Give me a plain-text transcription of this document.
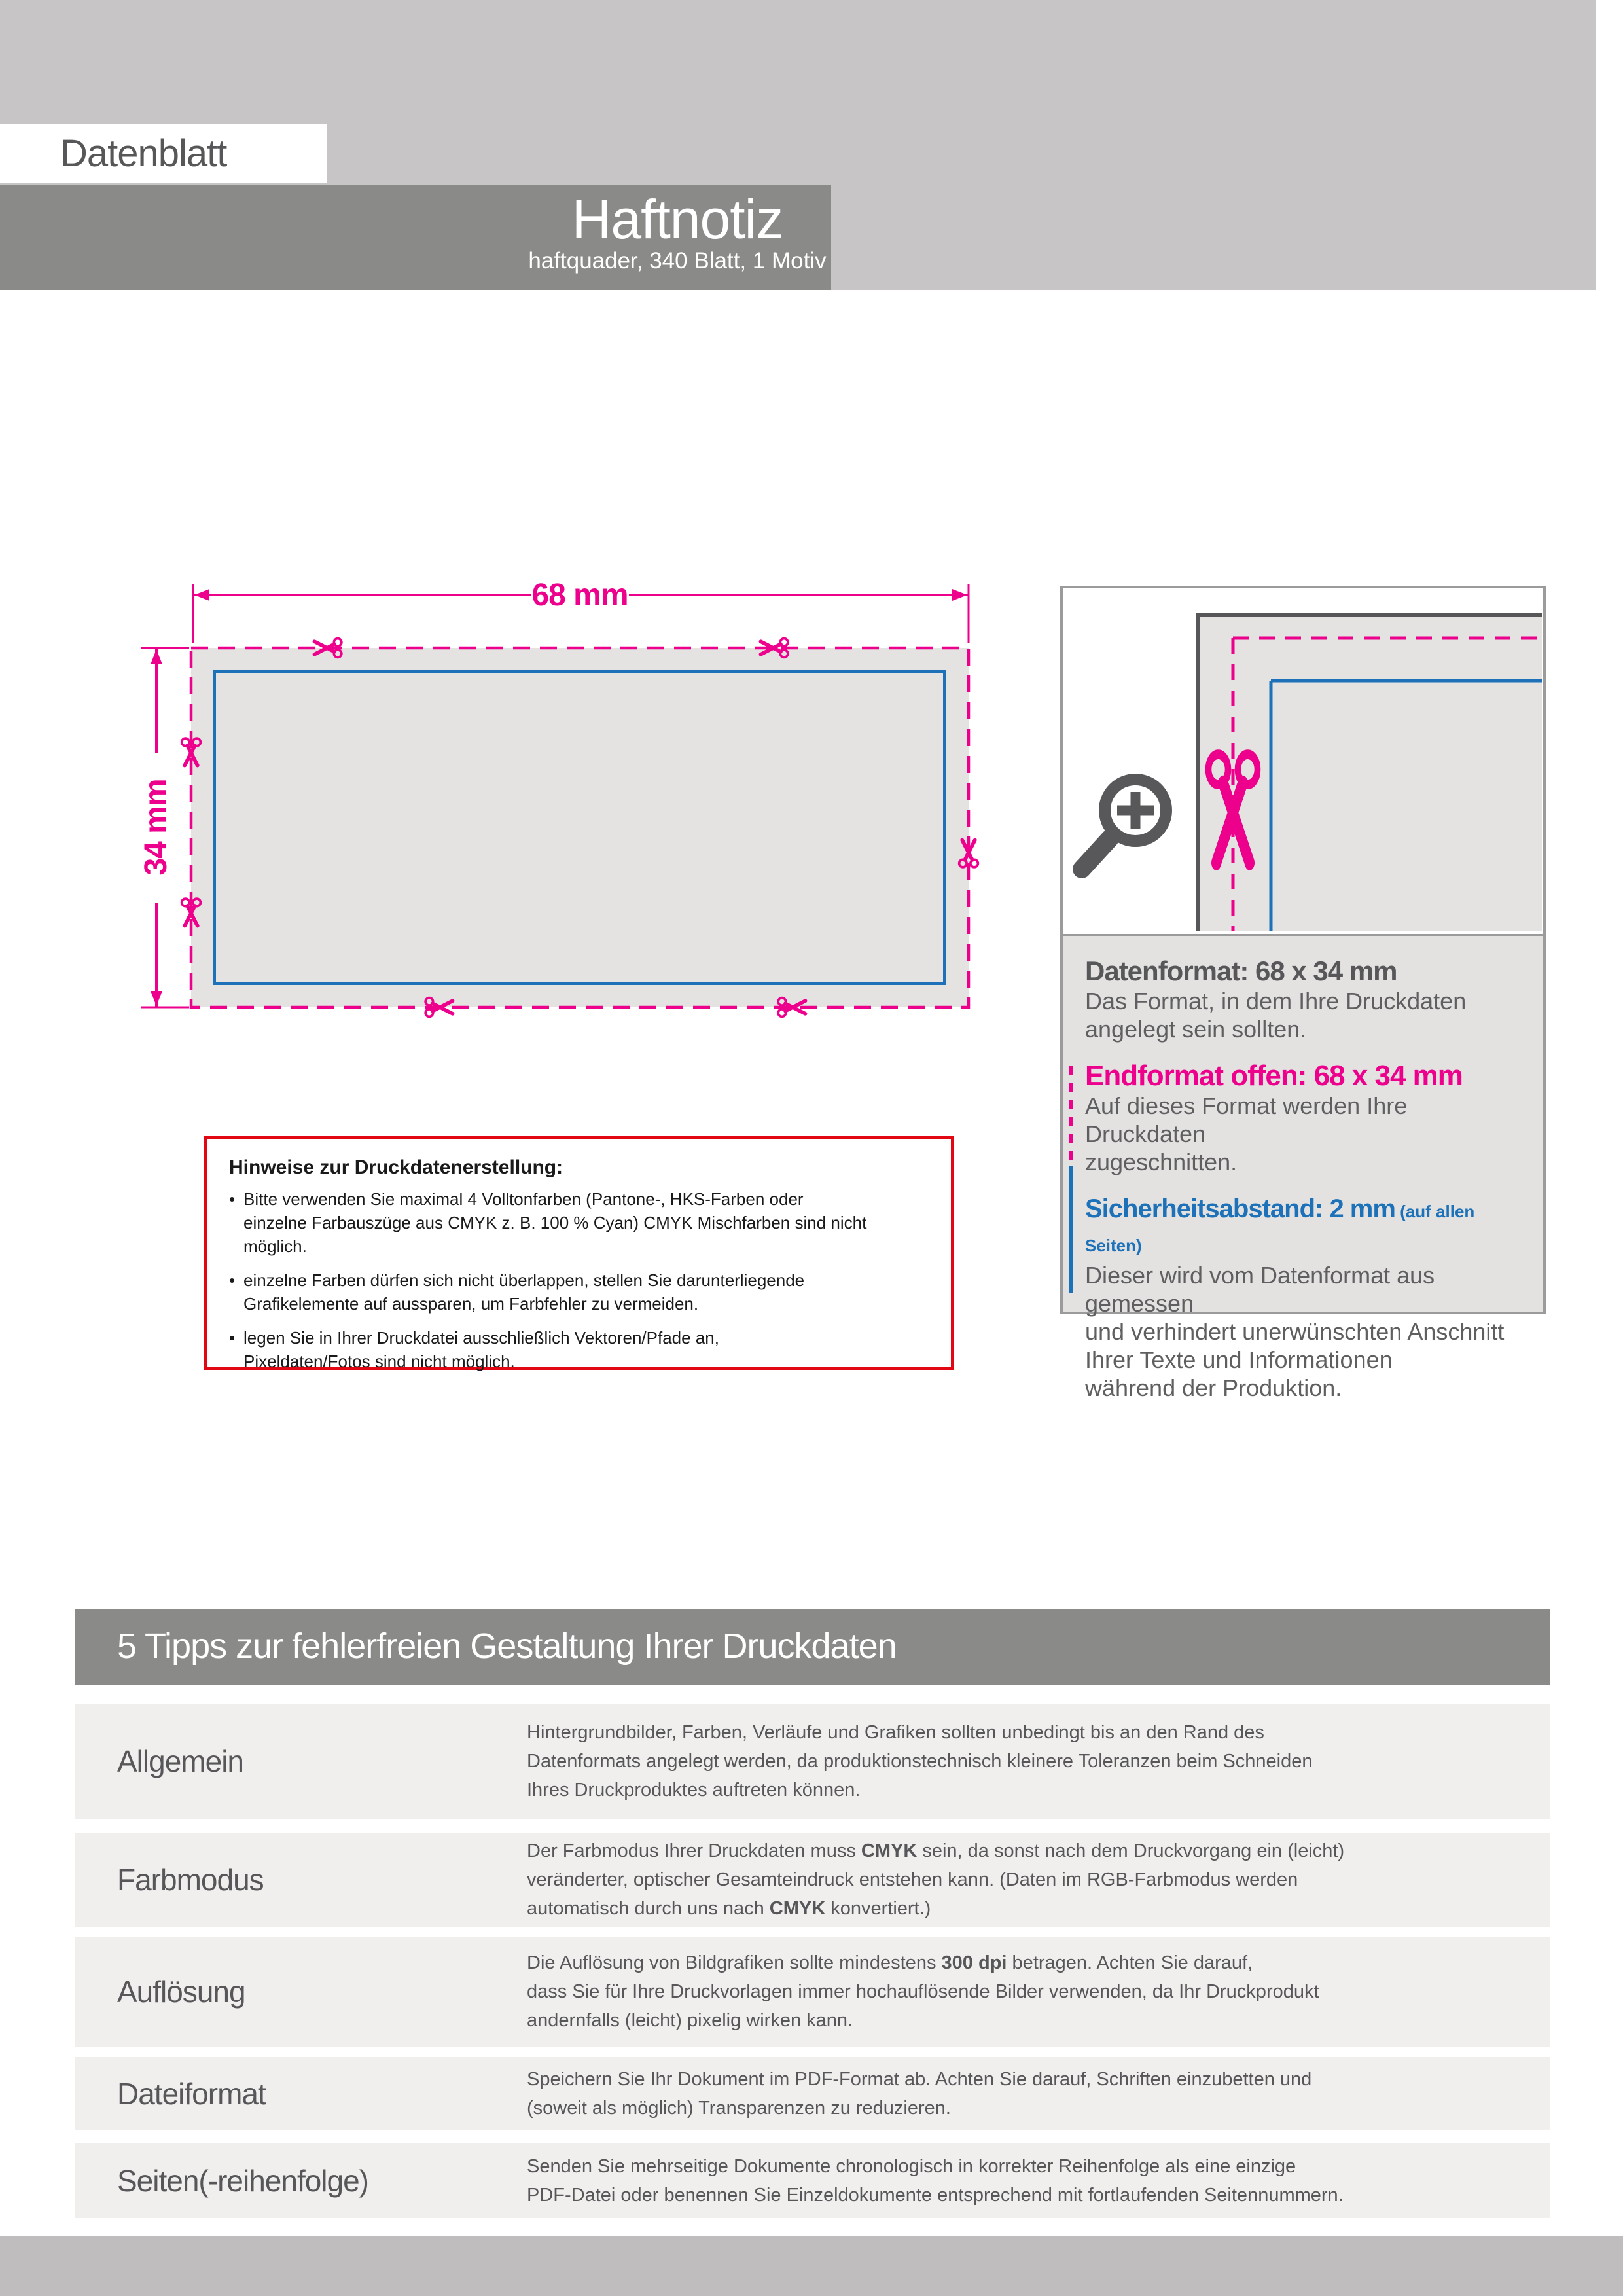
Datenblatt
Haftnotiz
haftquader, 340 Blatt, 1 Motiv
68 mm
34 mm
Hinweise zur Druckdatenerstellung:
• Bitte verwenden Sie maximal 4 Volltonfarben (Pantone-, HKS-Farben oder
einzelne Farbauszüge aus CMYK z. B. 100 % Cyan) CMYK Mischfarben sind nicht möglich.
• einzelne Farben dürfen sich nicht überlappen, stellen Sie darunterliegende
Grafikelemente auf aussparen, um Farbfehler zu vermeiden.
• legen Sie in Ihrer Druckdatei ausschließlich Vektoren/Pfade an,
Pixeldaten/Fotos sind nicht möglich.
Datenformat: 68 x 34 mm
Das Format, in dem Ihre Druckdaten
angelegt sein sollten.
Endformat offen: 68 x 34 mm
Auf dieses Format werden Ihre Druckdaten
zugeschnitten.
Sicherheitsabstand: 2 mm (auf allen Seiten)
Dieser wird vom Datenformat aus gemessen
und verhindert unerwünschten Anschnitt
Ihrer Texte und Informationen
während der Produktion.
5 Tipps zur fehlerfreien Gestaltung Ihrer Druckdaten
Allgemein
Hintergrundbilder, Farben, Verläufe und Grafiken sollten unbedingt bis an den Rand des
Datenformats angelegt werden, da produktionstechnisch kleinere Toleranzen beim Schneiden
Ihres Druckproduktes auftreten können.
Farbmodus
Der Farbmodus Ihrer Druckdaten muss CMYK sein, da sonst nach dem Druckvorgang ein (leicht)
veränderter, optischer Gesamteindruck entstehen kann. (Daten im RGB-Farbmodus werden
automatisch durch uns nach CMYK konvertiert.)
Auflösung
Die Auflösung von Bildgrafiken sollte mindestens 300 dpi betragen. Achten Sie darauf,
dass Sie für Ihre Druckvorlagen immer hochauflösende Bilder verwenden, da Ihr Druckprodukt
andernfalls (leicht) pixelig wirken kann.
Dateiformat	Speichern Sie Ihr Dokument im PDF-Format ab. Achten Sie darauf, Schriften einzubetten und
(soweit als möglich) Transparenzen zu reduzieren.
Seiten(-reihenfolge)	Senden Sie mehrseitige Dokumente chronologisch in korrekter Reihenfolge als eine einzige
PDF-Datei oder benennen Sie Einzeldokumente entsprechend mit fortlaufenden Seitennummern.
